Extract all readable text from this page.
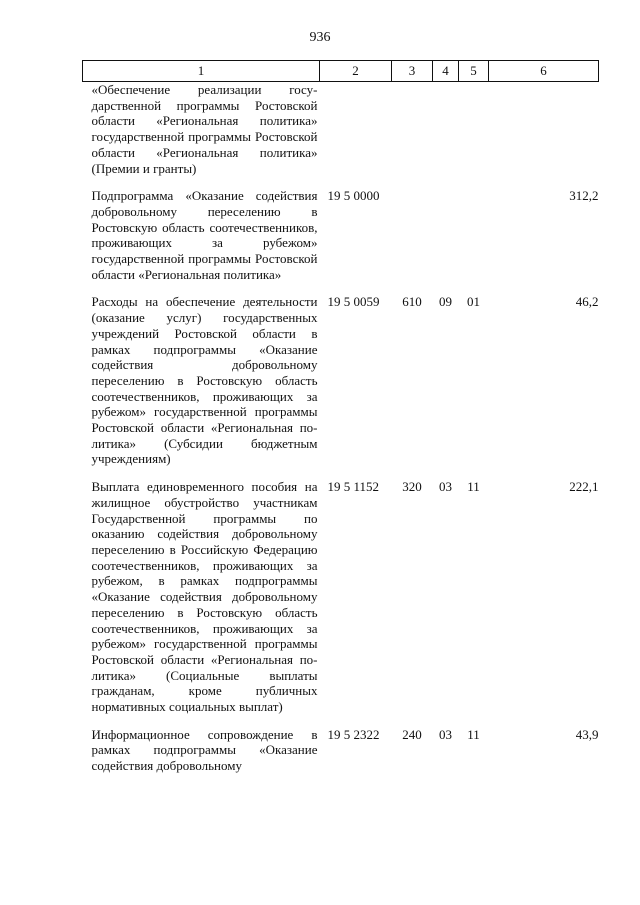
936
1	2	3	4	5	6
«Обеспечение реализации государственной программы Ростовской области «Региональная политика» государственной программы Ростовской области «Региональная политика» (Премии и гранты)					

Подпрограмма «Оказание содействия добровольному переселению в Ростовскую область соотечественников, проживающих за рубежом» государственной программы Ростовской области «Региональная политика»	19 5 0000				312,2

Расходы на обеспечение деятельности (оказание услуг) государственных учреждений Ростовской области в рамках подпрограммы «Оказание содействия добровольному переселению в Ростовскую область соотечественников, проживающих за рубежом» государственной программы Ростовской области «Региональная политика» (Субсидии бюджетным учреждениям)	19 5 0059	610	09	01	46,2

Выплата единовременного пособия на жилищное обустройство участникам Государственной программы по оказанию содействия добровольному переселению в Российскую Федерацию соотечественников, проживающих за рубежом, в рамках подпрограммы «Оказание содействия добровольному переселению в Ростовскую область соотечественников, проживающих за рубежом» государственной программы Ростовской области «Региональная политика» (Социальные выплаты гражданам, кроме публичных нормативных социальных выплат)	19 5 1152	320	03	11	222,1

Информационное сопровождение в рамках подпрограммы «Оказание содействия добровольному	19 5 2322	240	03	11	43,9
